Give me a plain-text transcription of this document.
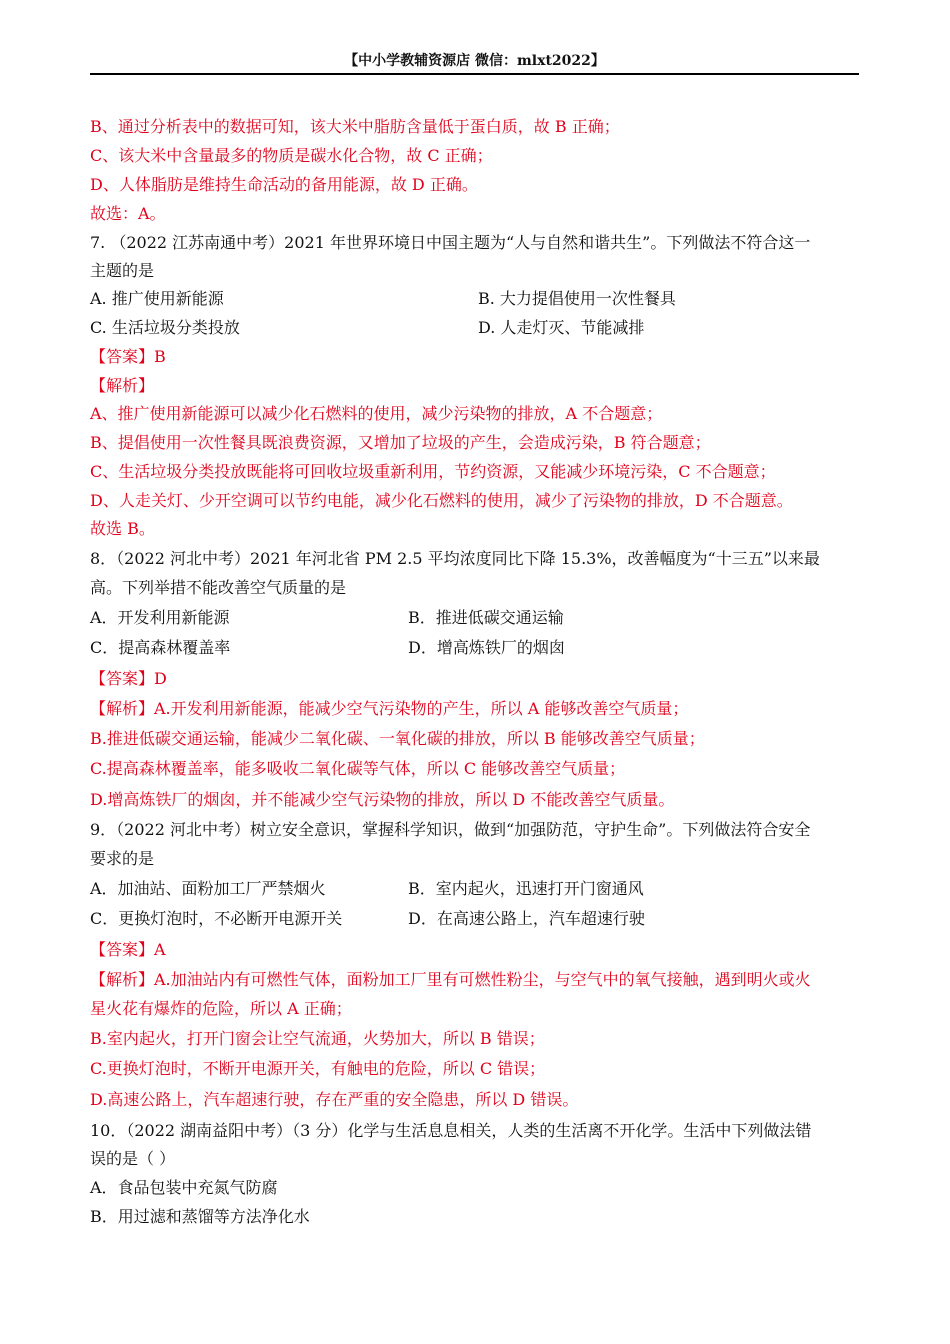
【中小学教辅资源店 微信：mlxt2022】
B、通过分析表中的数据可知，该大米中脂肪含量低于蛋白质，故 B 正确；
C、该大米中含量最多的物质是碳水化合物，故 C 正确；
D、人体脂肪是维持生命活动的备用能源，故 D 正确。
故选：A。
7. （2022 江苏南通中考）2021 年世界环境日中国主题为“人与自然和谐共生”。下列做法不符合这一
主题的是
A. 推广使用新能源	B. 大力提倡使用一次性餐具
C. 生活垃圾分类投放	D. 人走灯灭、节能减排
【答案】B
【解析】
A、推广使用新能源可以减少化石燃料的使用，减少污染物的排放，A 不合题意；
B、提倡使用一次性餐具既浪费资源，又增加了垃圾的产生，会造成污染，B 符合题意；
C、生活垃圾分类投放既能将可回收垃圾重新利用，节约资源，又能减少环境污染，C 不合题意；
D、人走关灯、少开空调可以节约电能，减少化石燃料的使用，减少了污染物的排放，D 不合题意。
故选 B。
8．（2022 河北中考）2021 年河北省 PM 2.5 平均浓度同比下降 15.3%，改善幅度为“十三五”以来最
高。下列举措不能改善空气质量的是
A．开发利用新能源	B．推进低碳交通运输
C．提高森林覆盖率	D．增高炼铁厂的烟囱
【答案】D
【解析】A.开发利用新能源，能减少空气污染物的产生，所以 A 能够改善空气质量；
B.推进低碳交通运输，能减少二氧化碳、一氧化碳的排放，所以 B 能够改善空气质量；
C.提高森林覆盖率，能多吸收二氧化碳等气体，所以 C 能够改善空气质量；
D.增高炼铁厂的烟囱，并不能减少空气污染物的排放，所以 D 不能改善空气质量。
9．（2022 河北中考）树立安全意识，掌握科学知识，做到“加强防范，守护生命”。下列做法符合安全
要求的是
A．加油站、面粉加工厂严禁烟火	B．室内起火，迅速打开门窗通风
C．更换灯泡时，不必断开电源开关	D．在高速公路上，汽车超速行驶
【答案】A
【解析】A.加油站内有可燃性气体，面粉加工厂里有可燃性粉尘，与空气中的氧气接触，遇到明火或火
星火花有爆炸的危险，所以 A 正确；
B.室内起火，打开门窗会让空气流通，火势加大，所以 B 错误；
C.更换灯泡时，不断开电源开关，有触电的危险，所以 C 错误；
D.高速公路上，汽车超速行驶，存在严重的安全隐患，所以 D 错误。
10．（2022 湖南益阳中考）（3 分）化学与生活息息相关，人类的生活离不开化学。生活中下列做法错
误的是（ ）
A．食品包装中充氮气防腐
B．用过滤和蒸馏等方法净化水
